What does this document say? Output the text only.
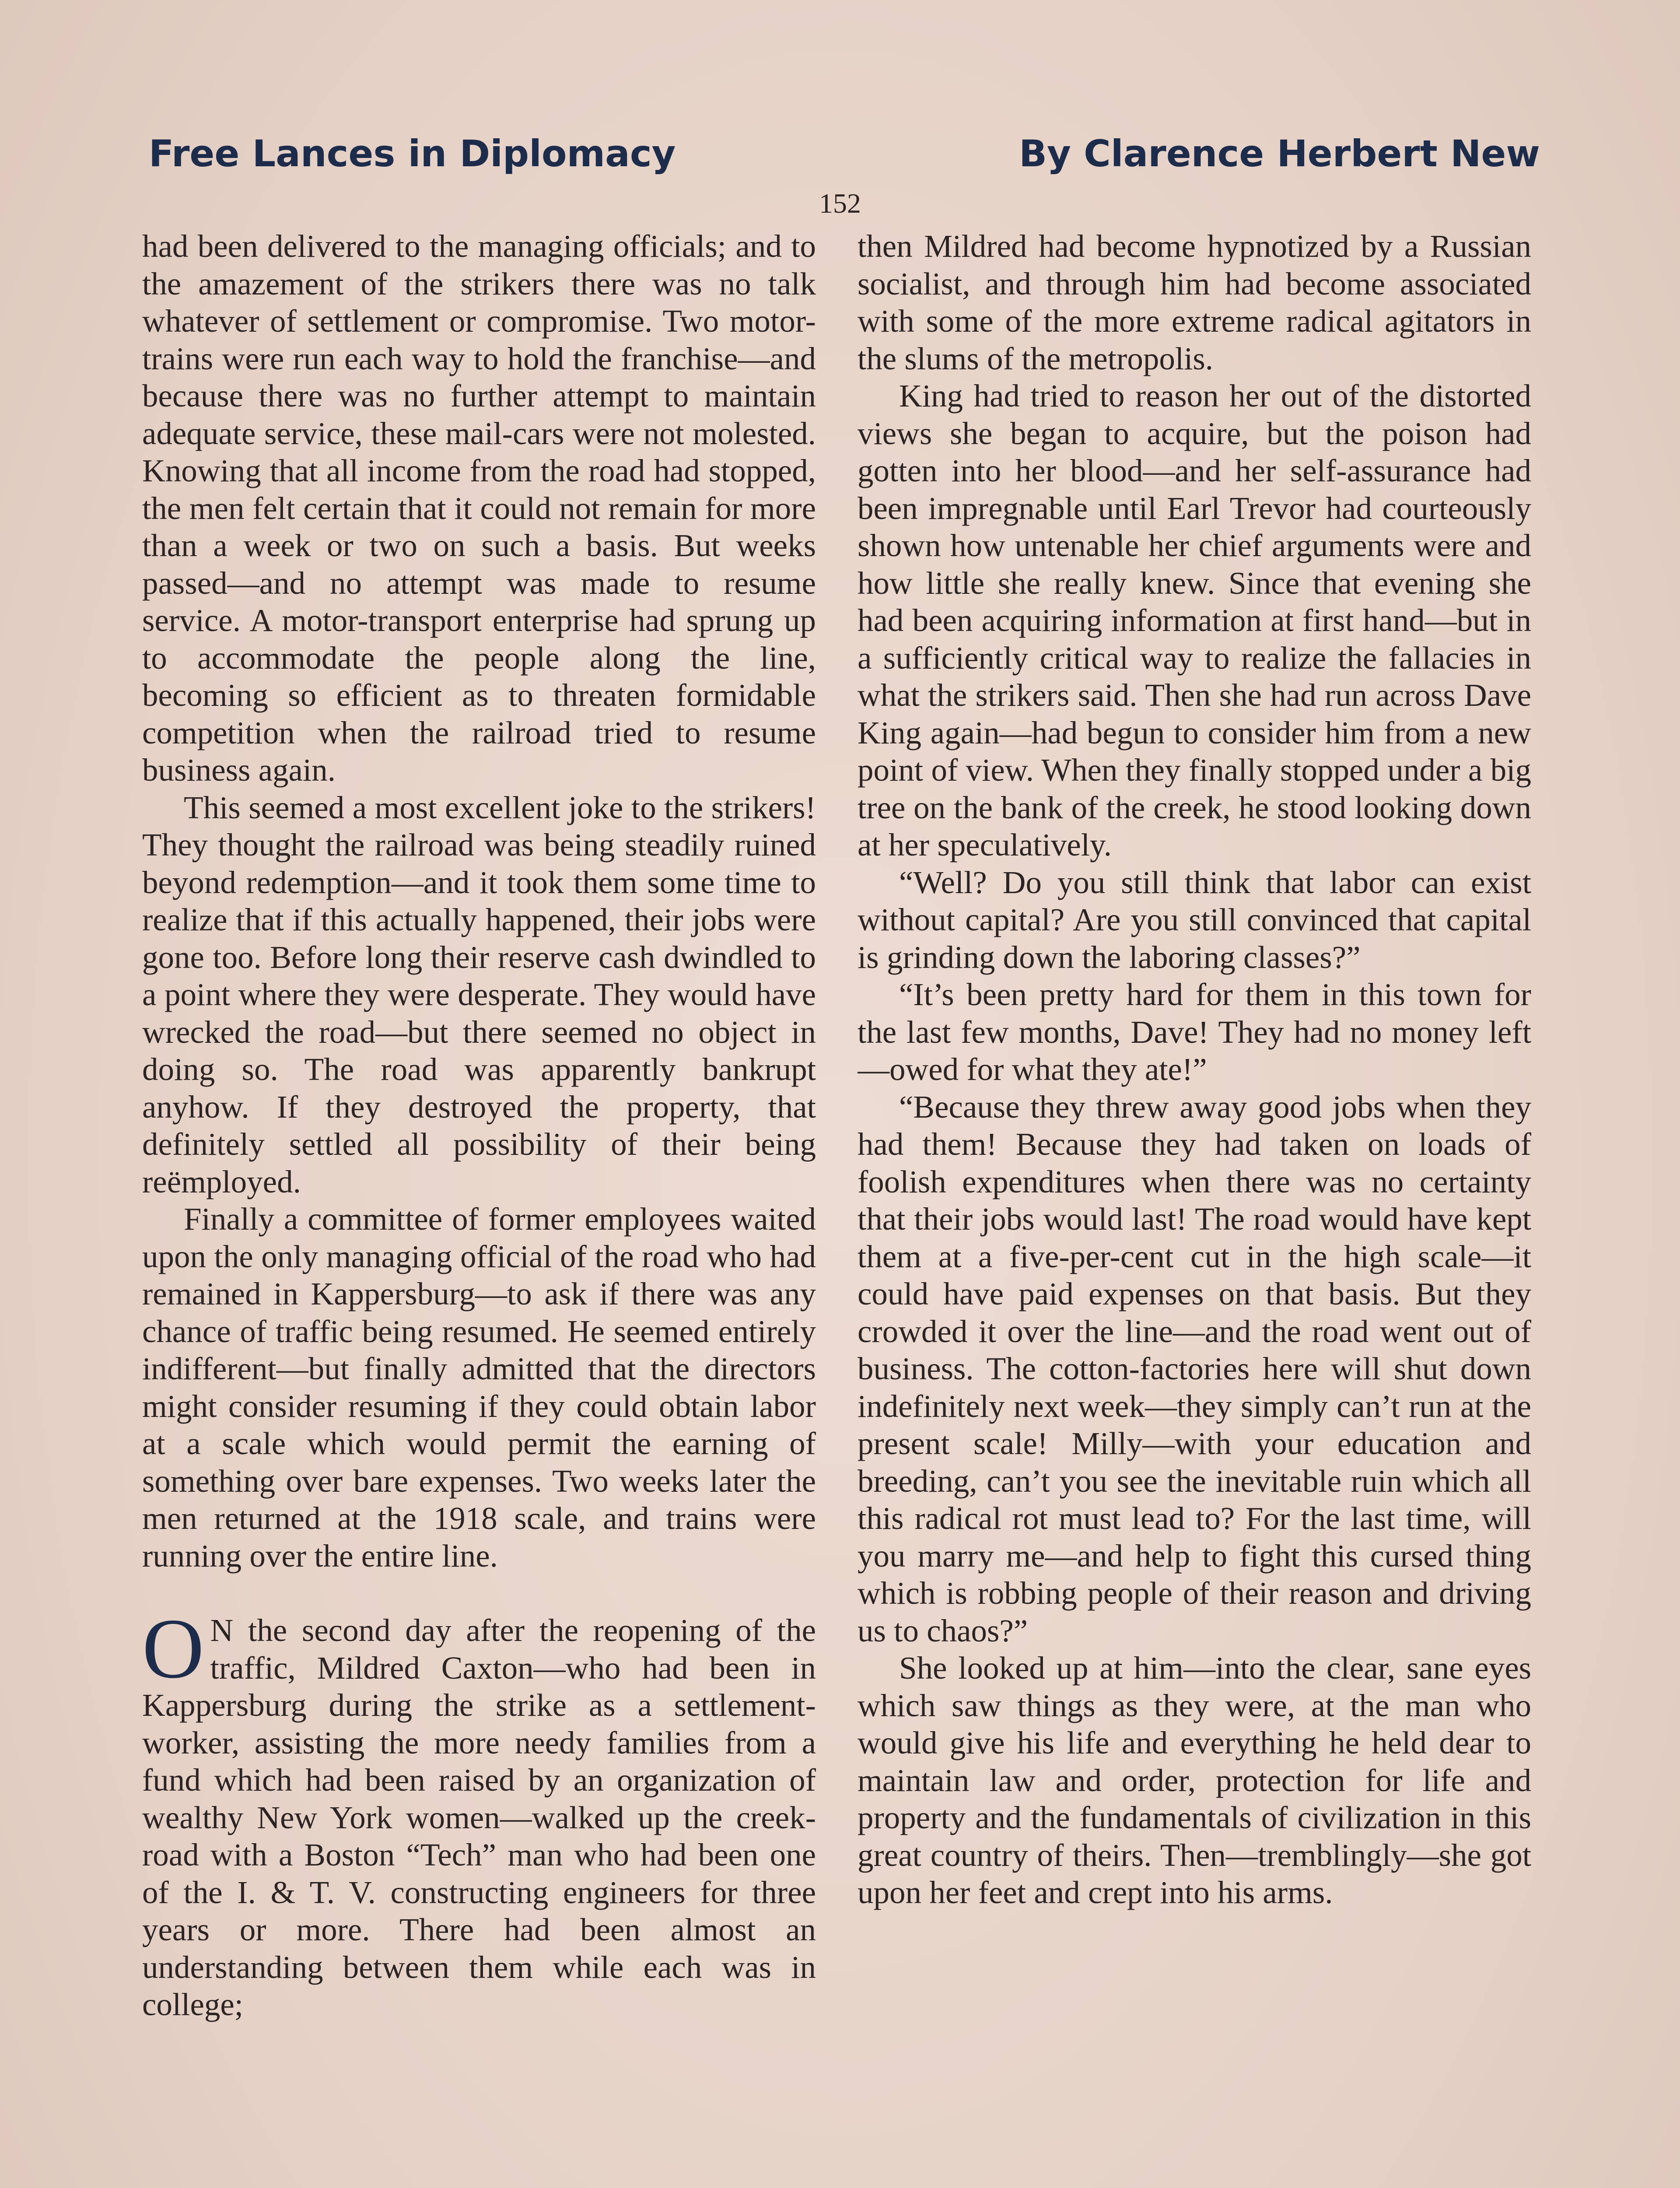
Free Lances in Diplomacy	By Clarence Herbert New
152

had been delivered to the managing officials; and to the amazement of the strikers there was no talk whatever of settlement or compromise. Two motor-trains were run each way to hold the franchise—and because there was no further attempt to maintain adequate service, these mail-cars were not molested. Knowing that all income from the road had stopped, the men felt certain that it could not remain for more than a week or two on such a basis. But weeks passed—and no attempt was made to resume service. A motor-transport enterprise had sprung up to accommodate the people along the line, becoming so efficient as to threaten formidable competition when the railroad tried to resume business again.

This seemed a most excellent joke to the strikers! They thought the railroad was being steadily ruined beyond redemption—and it took them some time to realize that if this actually happened, their jobs were gone too. Before long their reserve cash dwindled to a point where they were desperate. They would have wrecked the road—but there seemed no object in doing so. The road was apparently bankrupt anyhow. If they destroyed the property, that definitely settled all possibility of their being reëmployed.

Finally a committee of former employees waited upon the only managing official of the road who had remained in Kappersburg—to ask if there was any chance of traffic being resumed. He seemed entirely indifferent—but finally admitted that the directors might consider resuming if they could obtain labor at a scale which would permit the earning of something over bare expenses. Two weeks later the men returned at the 1918 scale, and trains were running over the entire line.

O N the second day after the reopening of the traffic, Mildred Caxton—who had been in Kappersburg during the strike as a settlement-worker, assisting the more needy families from a fund which had been raised by an organization of wealthy New York women—walked up the creek-road with a Boston “Tech” man who had been one of the I. & T. V. constructing engineers for three years or more. There had been almost an understanding between them while each was in college;

then Mildred had become hypnotized by a Russian socialist, and through him had become associated with some of the more extreme radical agitators in the slums of the metropolis.

King had tried to reason her out of the distorted views she began to acquire, but the poison had gotten into her blood—and her self-assurance had been impregnable until Earl Trevor had courteously shown how untenable her chief arguments were and how little she really knew. Since that evening she had been acquiring information at first hand—but in a sufficiently critical way to realize the fallacies in what the strikers said. Then she had run across Dave King again—had begun to consider him from a new point of view. When they finally stopped under a big tree on the bank of the creek, he stood looking down at her speculatively.

“Well? Do you still think that labor can exist without capital? Are you still convinced that capital is grinding down the laboring classes?”

“It’s been pretty hard for them in this town for the last few months, Dave! They had no money left—owed for what they ate!”

“Because they threw away good jobs when they had them! Because they had taken on loads of foolish expenditures when there was no certainty that their jobs would last! The road would have kept them at a five-per-cent cut in the high scale—it could have paid expenses on that basis. But they crowded it over the line—and the road went out of business. The cotton-factories here will shut down indefinitely next week—they simply can’t run at the present scale! Milly—with your education and breeding, can’t you see the inevitable ruin which all this radical rot must lead to? For the last time, will you marry me—and help to fight this cursed thing which is robbing people of their reason and driving us to chaos?”

She looked up at him—into the clear, sane eyes which saw things as they were, at the man who would give his life and everything he held dear to maintain law and order, protection for life and property and the fundamentals of civilization in this great country of theirs. Then—tremblingly—she got upon her feet and crept into his arms.
